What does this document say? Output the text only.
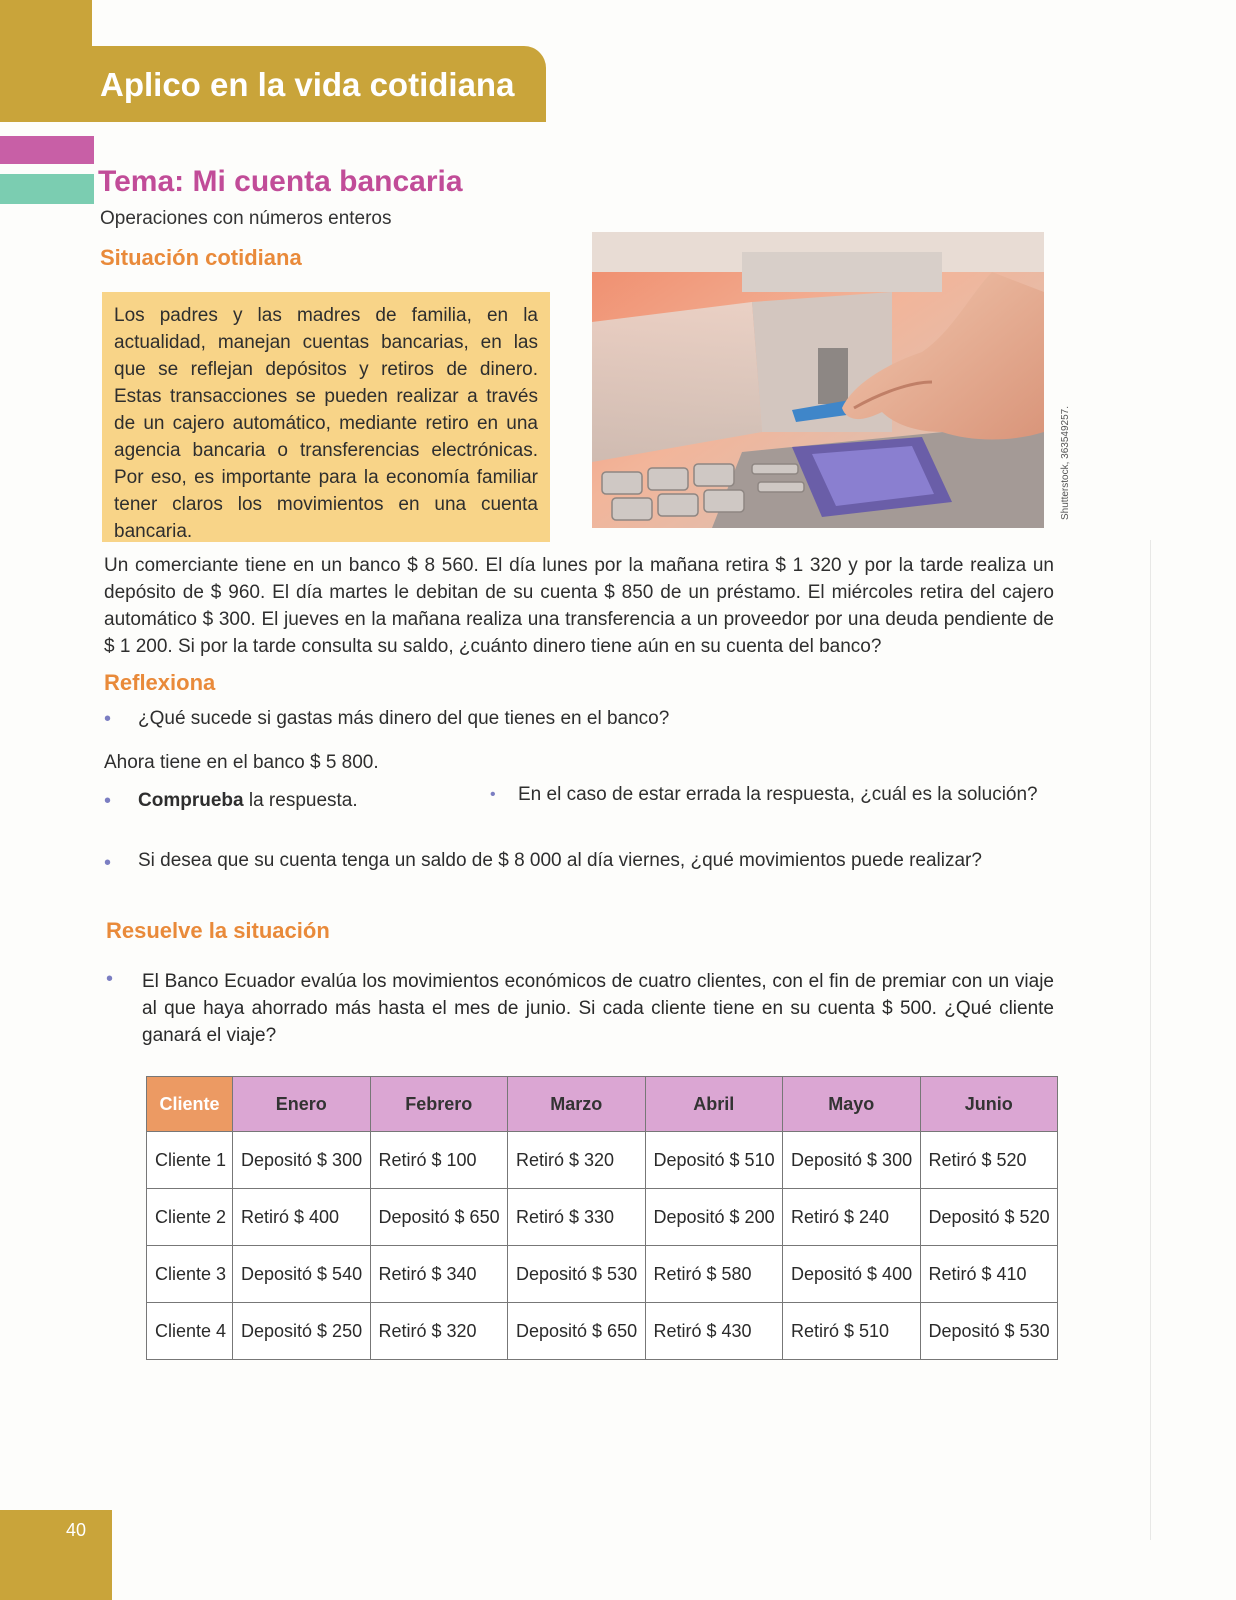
Aplico en la vida cotidiana
Tema: Mi cuenta bancaria
Operaciones con números enteros
Situación cotidiana
Los padres y las madres de familia, en la actualidad, manejan cuentas bancarias, en las que se reflejan depósitos y retiros de dinero. Estas transacciones se pueden realizar a través de un cajero automático, mediante retiro en una agencia bancaria o transferencias electrónicas. Por eso, es importante para la economía familiar tener claros los movimientos en una cuenta bancaria.
Shutterstock, 363549257.
Un comerciante tiene en un banco $ 8 560. El día lunes por la mañana retira $ 1 320 y por la tarde realiza un depósito de $ 960. El día martes le debitan de su cuenta $ 850 de un préstamo. El miércoles retira del cajero automático $ 300. El jueves en la mañana realiza una transferencia a un proveedor por una deuda pendiente de $ 1 200. Si por la tarde consulta su saldo, ¿cuánto dinero tiene aún en su cuenta del banco?
Reflexiona
• ¿Qué sucede si gastas más dinero del que tienes en el banco?
Ahora tiene en el banco $ 5 800.
• Comprueba la respuesta.	• En el caso de estar errada la respuesta, ¿cuál es la solución?
• Si desea que su cuenta tenga un saldo de $ 8 000 al día viernes, ¿qué movimientos puede realizar?
Resuelve la situación
• El Banco Ecuador evalúa los movimientos económicos de cuatro clientes, con el fin de premiar con un viaje al que haya ahorrado más hasta el mes de junio. Si cada cliente tiene en su cuenta $ 500. ¿Qué cliente ganará el viaje?
Cliente	Enero	Febrero	Marzo	Abril	Mayo	Junio
Cliente 1	Depositó $ 300	Retiró $ 100	Retiró $ 320	Depositó $ 510	Depositó $ 300	Retiró $ 520
Cliente 2	Retiró $ 400	Depositó $ 650	Retiró $ 330	Depositó $ 200	Retiró $ 240	Depositó $ 520
Cliente 3	Depositó $ 540	Retiró $ 340	Depositó $ 530	Retiró $ 580	Depositó $ 400	Retiró $ 410
Cliente 4	Depositó $ 250	Retiró $ 320	Depositó $ 650	Retiró $ 430	Retiró $ 510	Depositó $ 530
40
